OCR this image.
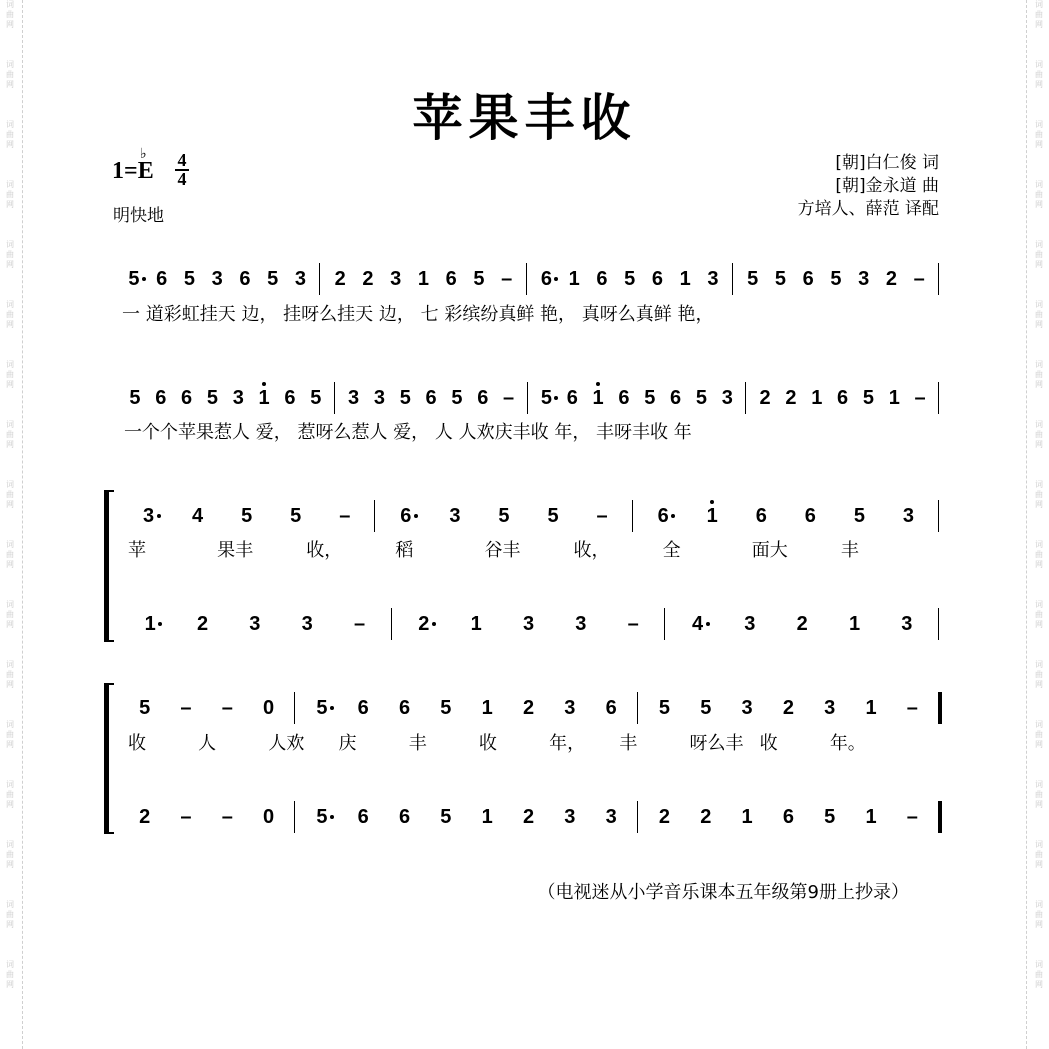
词
曲
网

词
曲
网

词
曲
网

词
曲
网

词
曲
网

词
曲
网

词
曲
网

词
曲
网

词
曲
网

词
曲
网

词
曲
网

词
曲
网

词
曲
网

词
曲
网

词
曲
网

词
曲
网

词
曲
网

词
曲
网

词
曲
网

词
曲
网

词
曲
网

词
曲
网

词
曲
网

词
曲
网

词
曲
网

词
曲
网

词
曲
网

词
曲
网

词
曲
网

词
曲
网

词
曲
网

词
曲
网

词
曲
网

词
曲
网

苹果丰收
1=
♭
E 4
4
明快地
[朝]白仁俊 词
[朝]金永道 曲
方培人、薛范 译配
5 6 5 3 6 5 3 2 2 3 1 6 5 – 6 1 6 5 6 1 3 5 5 6 5 3 2 –
一 道彩虹挂天 边， 挂呀么挂天 边， 七 彩缤纷真鲜 艳， 真呀么真鲜 艳，
5 6 6 5 3 1 6 5 3 3 5 6 5 6 – 5 6 1 6 5 6 5 3 2 2 1 6 5 1 –
一个个苹果惹人 爱， 惹呀么惹人 爱， 人 人欢庆丰收 年， 丰呀丰收 年
3 4 5 5 – 6 3 5 5 – 6 1 6 6 5 3
苹	果丰	收，	稻	谷丰	收，	全	面大	丰
1 2 3 3 –	2 1 3 3 –	4 3 2 1 3
5 – – 0 5 6 6 5 1 2 3 6 5 5 3 2 3 1 –
收	人	人欢 庆	丰	收	年， 丰	呀么丰 收	年。
2 – – 0 5 6 6 5 1 2 3 3 2 2 1 6 5 1 –
（电视迷从小学音乐课本五年级第9册上抄录）
